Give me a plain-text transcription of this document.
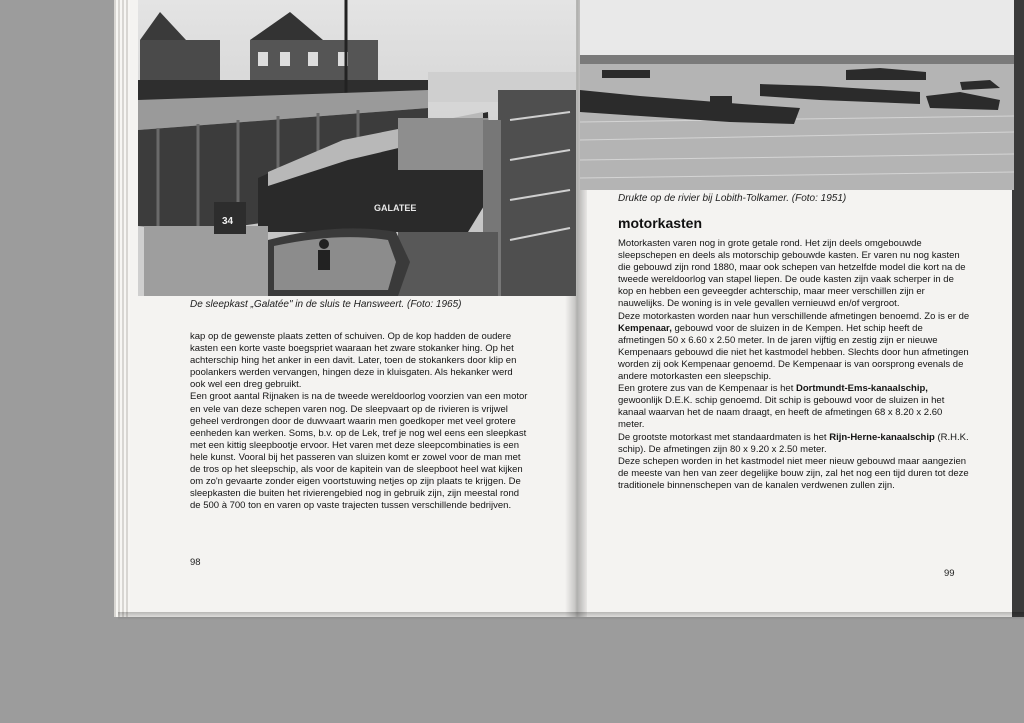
GALATEE
34

De sleepkast „Galatée" in de sluis te Hansweert. (Foto: 1965)

Drukte op de rivier bij Lobith-Tolkamer. (Foto: 1951)

kap op de gewenste plaats zetten of schuiven. Op de kop hadden de oudere kasten een korte vaste boegspriet waaraan het zware stokanker hing. Op het achterschip hing het anker in een davit. Later, toen de stokankers door klip en poolankers werden vervangen, hingen deze in kluisgaten. Als hekanker werd ook wel een dreg gebruikt.

Een groot aantal Rijnaken is na de tweede wereldoorlog voorzien van een motor en vele van deze schepen varen nog. De sleepvaart op de rivieren is vrijwel geheel verdrongen door de duwvaart waarin men goedkoper met veel grotere eenheden kan werken. Soms, b.v. op de Lek, tref je nog wel eens een sleepkast met een kittig sleepbootje ervoor. Het varen met deze sleepcombinaties is een hele kunst. Vooral bij het passeren van sluizen komt er zowel voor de man met de tros op het sleepschip, als voor de kapitein van de sleepboot heel wat kijken om zo'n gevaarte zonder eigen voortstuwing netjes op zijn plaats te krijgen. De sleepkasten die buiten het rivierengebied nog in gebruik zijn, zijn meestal rond de 500 à 700 ton en varen op vaste trajecten tussen verschillende bedrijven.

motorkasten

Motorkasten varen nog in grote getale rond. Het zijn deels omgebouwde sleepschepen en deels als motorschip gebouwde kasten. Er varen nu nog kasten die gebouwd zijn rond 1880, maar ook schepen van hetzelfde model die kort na de tweede wereldoorlog van stapel liepen. De oude kasten zijn vaak scherper in de kop en hebben een geveegder achterschip, maar meer verschillen zijn er nauwelijks. De woning is in vele gevallen vernieuwd en/of vergroot.

Deze motorkasten worden naar hun verschillende afmetingen benoemd. Zo is er de Kempenaar, gebouwd voor de sluizen in de Kempen. Het schip heeft de afmetingen 50 x 6.60 x 2.50 meter. In de jaren vijftig en zestig zijn er nieuwe Kempenaars gebouwd die niet het kastmodel hebben. Slechts door hun afmetingen worden zij ook Kempenaar genoemd. De Kempenaar is van oorsprong evenals de andere motorkasten een sleepschip.

Een grotere zus van de Kempenaar is het Dortmundt-Ems-kanaalschip, gewoonlijk D.E.K. schip genoemd. Dit schip is gebouwd voor de sluizen in het kanaal waarvan het de naam draagt, en heeft de afmetingen 68 x 8.20 x 2.60 meter.

De grootste motorkast met standaardmaten is het Rijn-Herne-kanaalschip (R.H.K. schip). De afmetingen zijn 80 x 9.20 x 2.50 meter.

Deze schepen worden in het kastmodel niet meer nieuw gebouwd maar aangezien de meeste van hen van zeer degelijke bouw zijn, zal het nog een tijd duren tot deze traditionele binnenschepen van de kanalen verdwenen zullen zijn.

98
99
